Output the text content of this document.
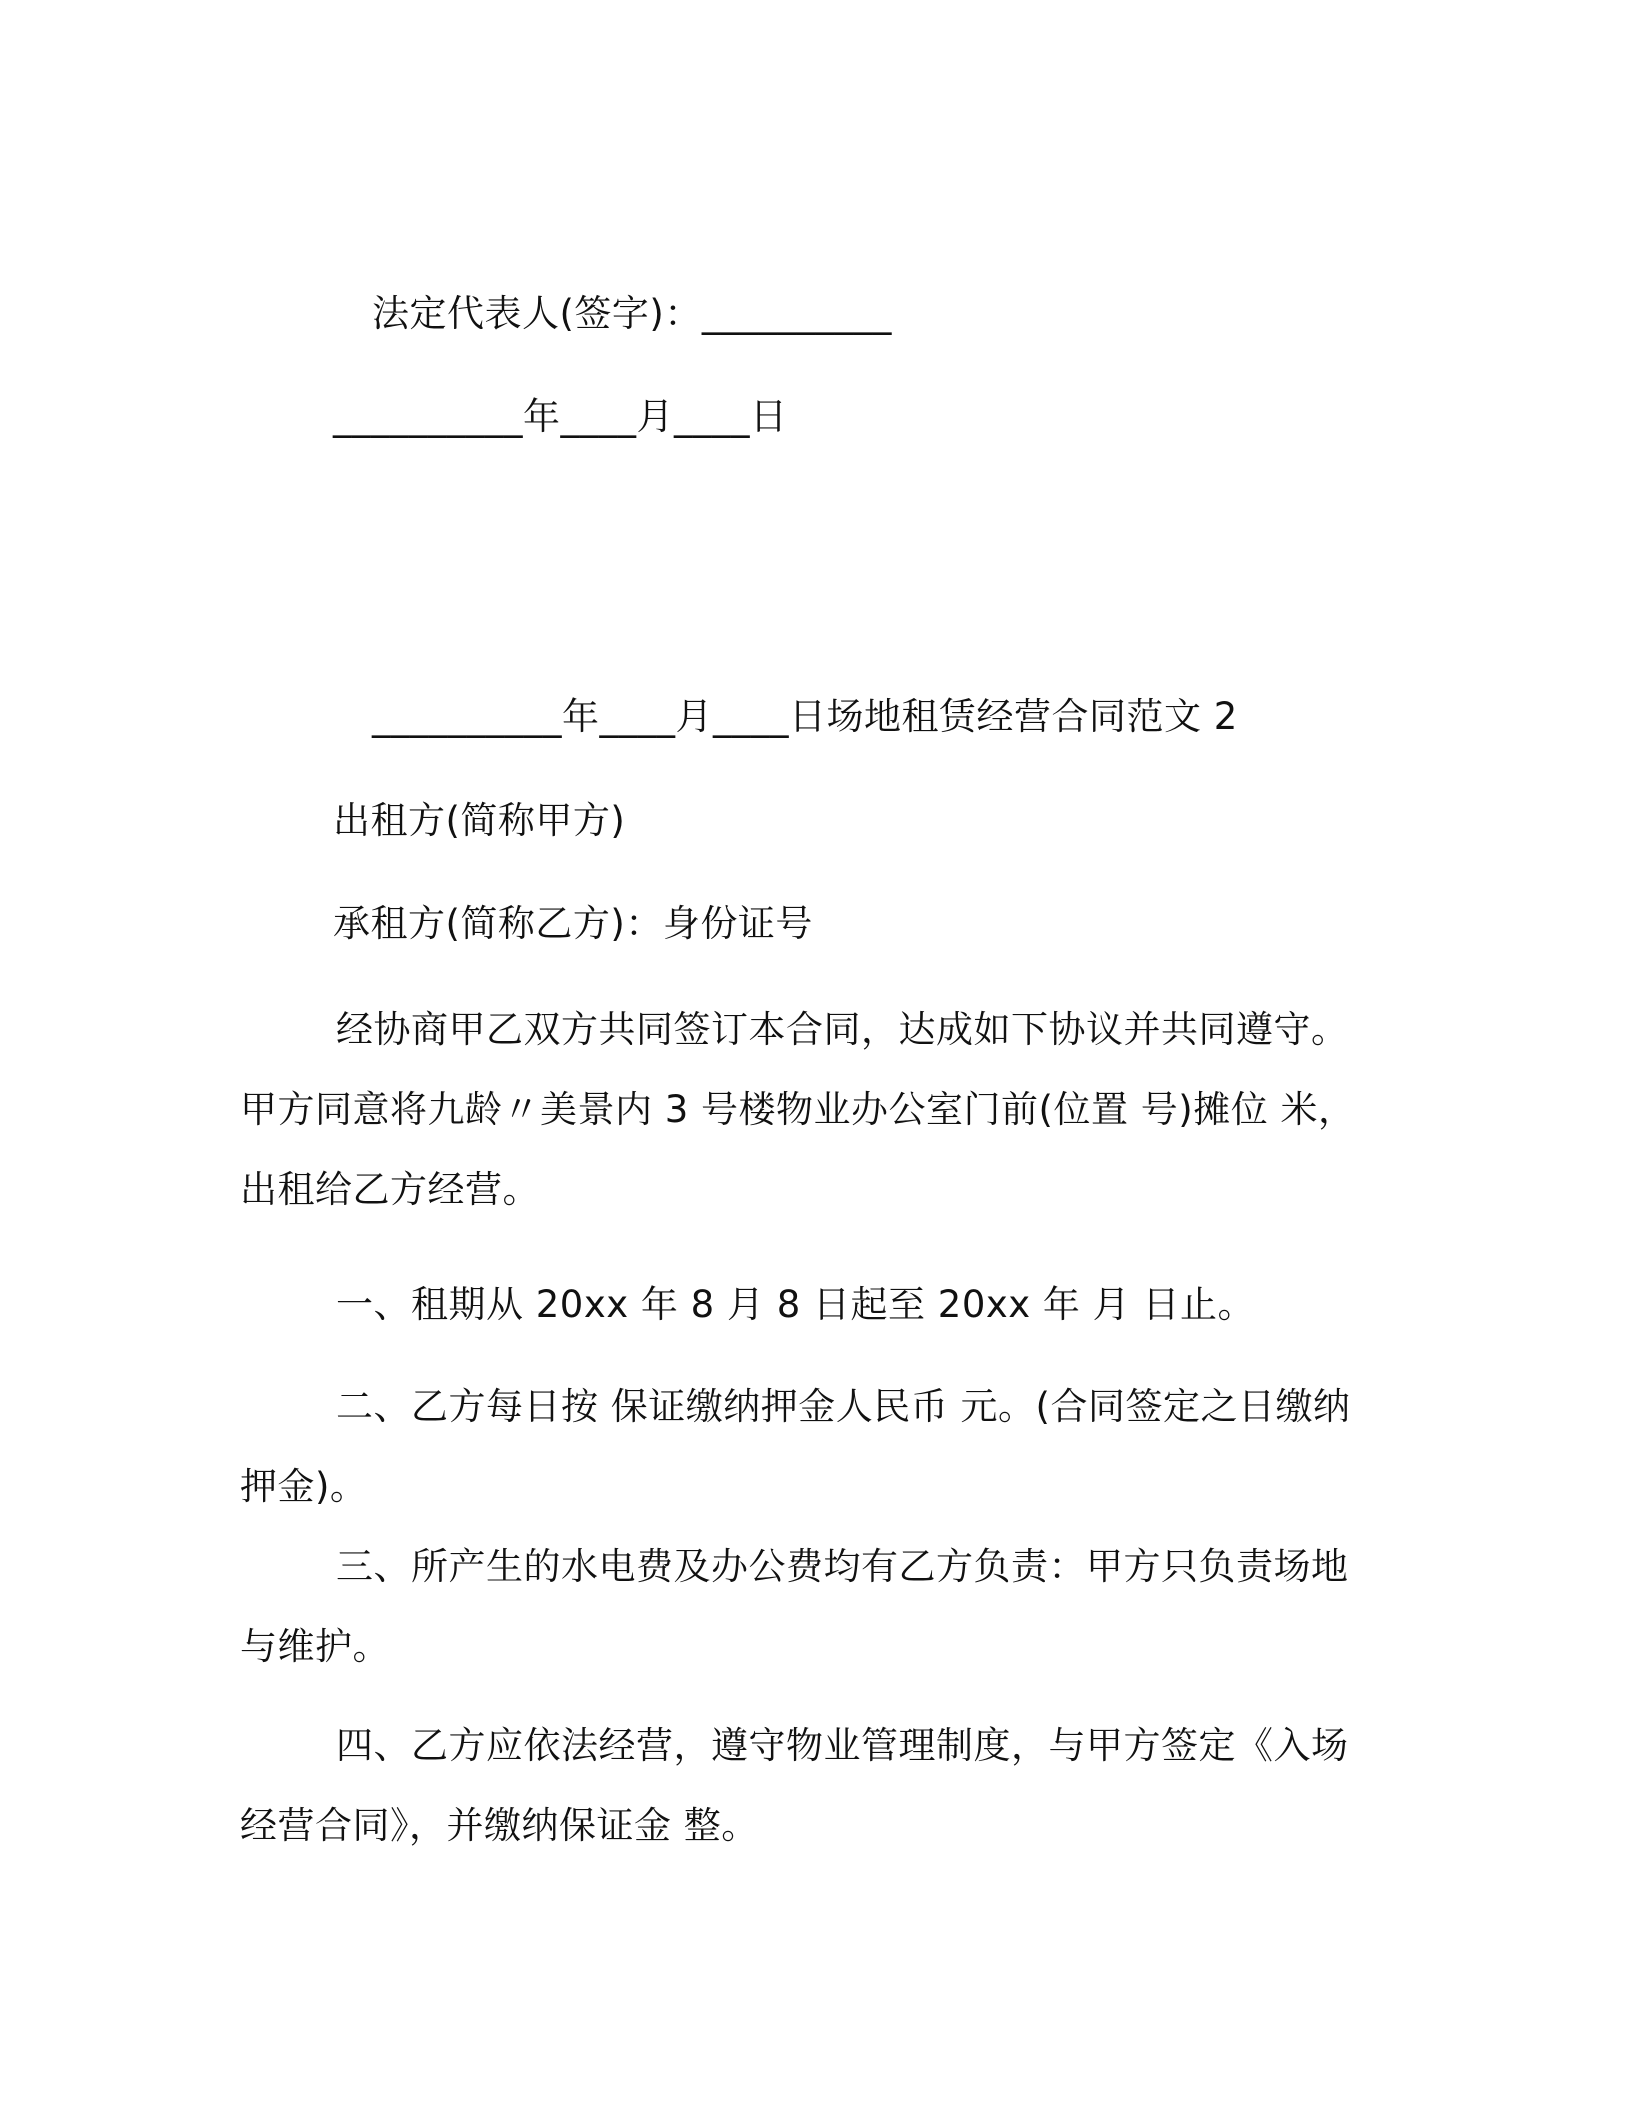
法定代表人(签字)：__________
__________年____月____日
__________年____月____日场地租赁经营合同范文 2
出租方(简称甲方)
承租方(简称乙方)：身份证号

经协商甲乙双方共同签订本合同，达成如下协议并共同遵守。甲方同意将九龄〃美景内 3 号楼物业办公室门前(位置 号)摊位 米，出租给乙方经营。

一、租期从 20xx 年 8 月 8 日起至 20xx 年 月 日止。

二、乙方每日按 保证缴纳押金人民币 元。(合同签定之日缴纳押金)。

三、所产生的水电费及办公费均有乙方负责：甲方只负责场地与维护。

四、乙方应依法经营，遵守物业管理制度，与甲方签定《入场经营合同》，并缴纳保证金 整。
